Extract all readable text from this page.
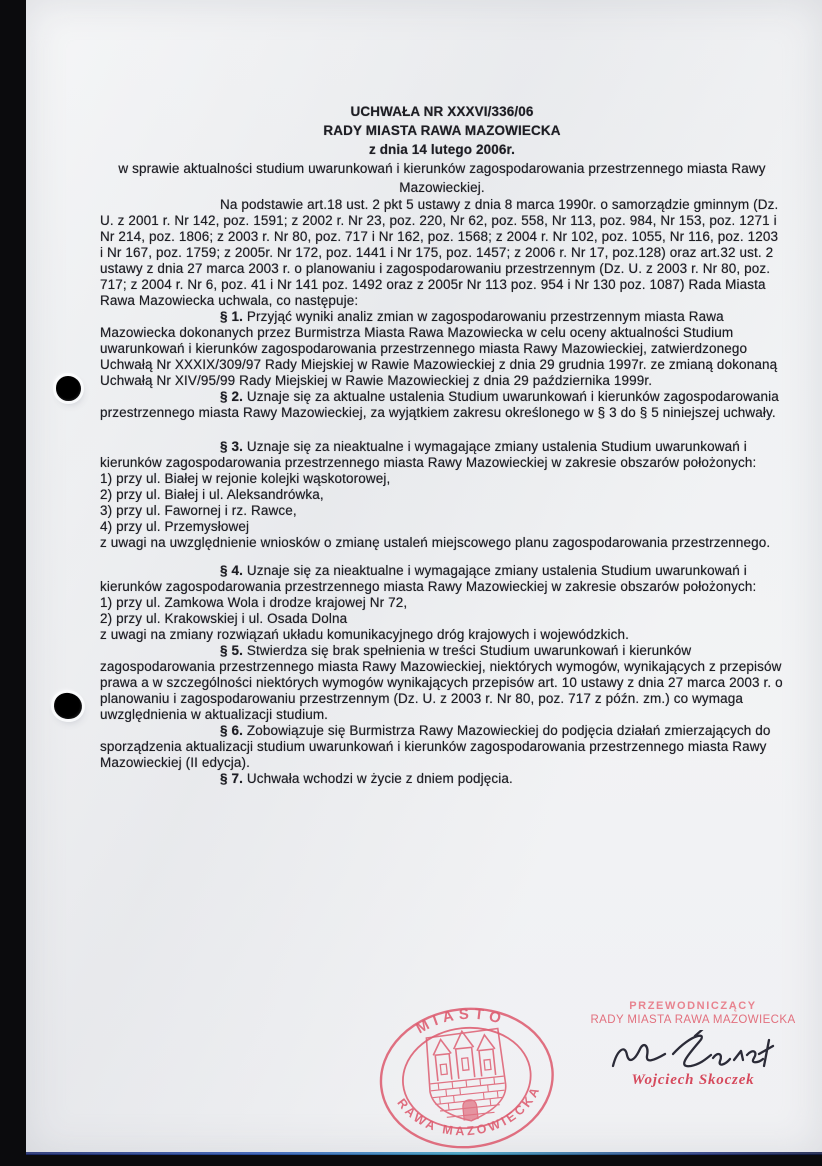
UCHWAŁA NR XXXVI/336/06
RADY MIASTA RAWA MAZOWIECKA
z dnia 14 lutego 2006r.
w sprawie aktualności studium uwarunkowań i kierunków zagospodarowania przestrzennego miasta Rawy Mazowieckiej.

Na podstawie art.18 ust. 2 pkt 5 ustawy z dnia 8 marca 1990r. o samorządzie gminnym (Dz. U. z 2001 r. Nr 142, poz. 1591; z 2002 r. Nr 23, poz. 220, Nr 62, poz. 558, Nr 113, poz. 984, Nr 153, poz. 1271 i Nr 214, poz. 1806; z 2003 r. Nr 80, poz. 717 i Nr 162, poz. 1568; z 2004 r. Nr 102, poz. 1055, Nr 116, poz. 1203 i Nr 167, poz. 1759; z 2005r. Nr 172, poz. 1441 i Nr 175, poz. 1457; z 2006 r. Nr 17, poz.128) oraz art.32 ust. 2 ustawy z dnia 27 marca 2003 r. o planowaniu i zagospodarowaniu przestrzennym (Dz. U. z 2003 r. Nr 80, poz. 717; z 2004 r. Nr 6, poz. 41 i Nr 141 poz. 1492 oraz z 2005r Nr 113 poz. 954 i Nr 130 poz. 1087) Rada Miasta Rawa Mazowiecka uchwala, co następuje:

§ 1. Przyjąć wyniki analiz zmian w zagospodarowaniu przestrzennym miasta Rawa Mazowiecka dokonanych przez Burmistrza Miasta Rawa Mazowiecka w celu oceny aktualności Studium uwarunkowań i kierunków zagospodarowania przestrzennego miasta Rawy Mazowieckiej, zatwierdzonego Uchwałą Nr XXXIX/309/97 Rady Miejskiej w Rawie Mazowieckiej z dnia 29 grudnia 1997r. ze zmianą dokonaną Uchwałą Nr XIV/95/99 Rady Miejskiej w Rawie Mazowieckiej z dnia 29 października 1999r.

§ 2. Uznaje się za aktualne ustalenia Studium uwarunkowań i kierunków zagospodarowania przestrzennego miasta Rawy Mazowieckiej, za wyjątkiem zakresu określonego w § 3 do § 5 niniejszej uchwały.

§ 3. Uznaje się za nieaktualne i wymagające zmiany ustalenia Studium uwarunkowań i kierunków zagospodarowania przestrzennego miasta Rawy Mazowieckiej w zakresie obszarów położonych:

1) przy ul. Białej w rejonie kolejki wąskotorowej,
2) przy ul. Białej i ul. Aleksandrówka,
3) przy ul. Fawornej i rz. Rawce,
4) przy ul. Przemysłowej
z uwagi na uwzględnienie wniosków o zmianę ustaleń miejscowego planu zagospodarowania przestrzennego.

§ 4. Uznaje się za nieaktualne i wymagające zmiany ustalenia Studium uwarunkowań i kierunków zagospodarowania przestrzennego miasta Rawy Mazowieckiej w zakresie obszarów położonych:

1) przy ul. Zamkowa Wola i drodze krajowej Nr 72,
2) przy ul. Krakowskiej i ul. Osada Dolna
z uwagi na zmiany rozwiązań układu komunikacyjnego dróg krajowych i wojewódzkich.

§ 5. Stwierdza się brak spełnienia w treści Studium uwarunkowań i kierunków zagospodarowania przestrzennego miasta Rawy Mazowieckiej, niektórych wymogów, wynikających z przepisów prawa a w szczególności niektórych wymogów wynikających przepisów art. 10 ustawy z dnia 27 marca 2003 r. o planowaniu i zagospodarowaniu przestrzennym (Dz. U. z 2003 r. Nr 80, poz. 717 z późn. zm.) co wymaga uwzględnienia w aktualizacji studium.

§ 6. Zobowiązuje się Burmistrza Rawy Mazowieckiej do podjęcia działań zmierzających do sporządzenia aktualizacji studium uwarunkowań i kierunków zagospodarowania przestrzennego miasta Rawy Mazowieckiej (II edycja).

§ 7. Uchwała wchodzi w życie z dniem podjęcia.

MIASTO
RAWA MAZOWIECKA
PRZEWODNICZĄCY
RADY MIASTA RAWA MAZOWIECKA
Wojciech Skoczek
